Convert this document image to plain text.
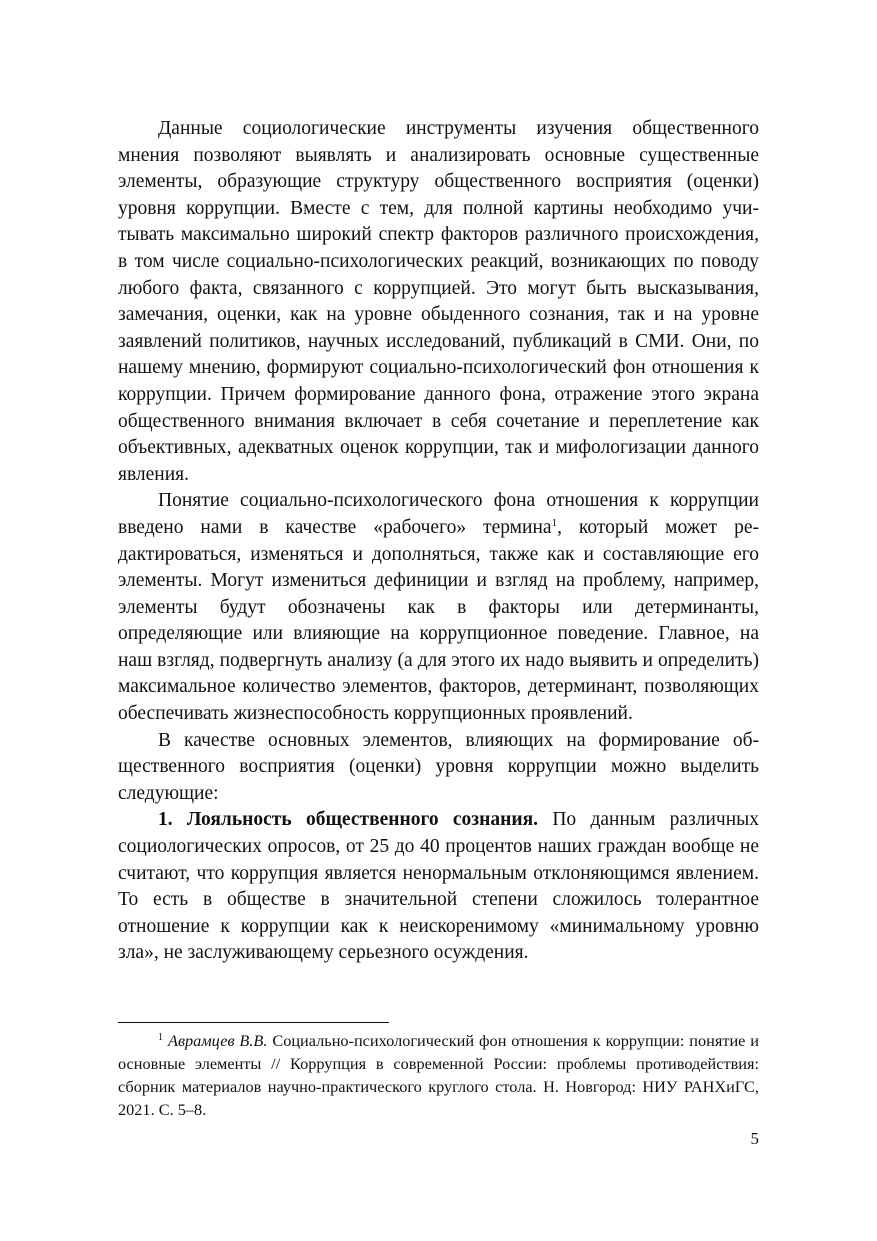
Данные социологические инструменты изучения общественного мнения позволяют выявлять и анализировать основные существенные элементы, образующие структуру общественного восприятия (оценки) уровня коррупции. Вместе с тем, для полной картины необходимо учитывать максимально широкий спектр факторов различного происхождения, в том числе социально-психологических реакций, возникающих по поводу любого факта, связанного с коррупцией. Это могут быть высказывания, замечания, оценки, как на уровне обыденного сознания, так и на уровне заявлений политиков, научных исследований, публикаций в СМИ. Они, по нашему мнению, формируют социально-психологический фон отношения к коррупции. Причем формирование данного фона, отражение этого экрана общественного внимания включает в себя сочетание и переплетение как объективных, адекватных оценок коррупции, так и мифологизации данного явления.

Понятие социально-психологического фона отношения к коррупции введено нами в качестве «рабочего» термина$^1$, который может редактироваться, изменяться и дополняться, также как и составляющие его элементы. Могут измениться дефиниции и взгляд на проблему, например, элементы будут обозначены как в факторы или детерминанты, определяющие или влияющие на коррупционное поведение. Главное, на наш взгляд, подвергнуть анализу (а для этого их надо выявить и определить) максимальное количество элементов, факторов, детерминант, позволяющих обеспечивать жизнеспособность коррупционных проявлений.

В качестве основных элементов, влияющих на формирование общественного восприятия (оценки) уровня коррупции можно выделить следующие:

1. Лояльность общественного сознания. По данным различных социологических опросов, от 25 до 40 процентов наших граждан вообще не считают, что коррупция является ненормальным отклоняющимся явлением. То есть в обществе в значительной степени сложилось толерантное отношение к коррупции как к неискоренимому «минимальному уровню зла», не заслуживающему серьезного осуждения.

$^1$ Аврамцев В.В. Социально-психологический фон отношения к коррупции: понятие и основные элементы // Коррупция в современной России: проблемы противодействия: сборник материалов научно-практического круглого стола. Н. Новгород: НИУ РАНХиГС, 2021. С. 5–8.

5
